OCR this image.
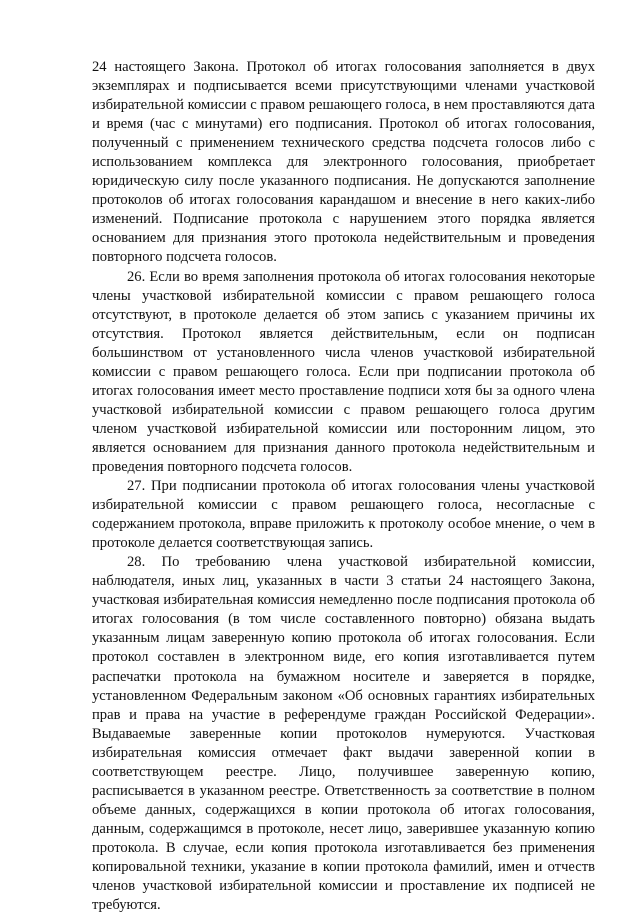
24 настоящего Закона. Протокол об итогах голосования заполняется в двух экземплярах и подписывается всеми присутствующими членами участковой избирательной комиссии с правом решающего голоса, в нем проставляются дата и время (час с минутами) его подписания. Протокол об итогах голосования, полученный с применением технического средства подсчета голосов либо с использованием комплекса для электронного голосования, приобретает юридическую силу после указанного подписания. Не допускаются заполнение протоколов об итогах голосования карандашом и внесение в него каких-либо изменений. Подписание протокола с нарушением этого порядка является основанием для признания этого протокола недействительным и проведения повторного подсчета голосов.

26. Если во время заполнения протокола об итогах голосования некоторые члены участковой избирательной комиссии с правом решающего голоса отсутствуют, в протоколе делается об этом запись с указанием причины их отсутствия. Протокол является действительным, если он подписан большинством от установленного числа членов участковой избирательной комиссии с правом решающего голоса. Если при подписании протокола об итогах голосования имеет место проставление подписи хотя бы за одного члена участковой избирательной комиссии с правом решающего голоса другим членом участковой избирательной комиссии или посторонним лицом, это является основанием для признания данного протокола недействительным и проведения повторного подсчета голосов.

27. При подписании протокола об итогах голосования члены участковой избирательной комиссии с правом решающего голоса, несогласные с содержанием протокола, вправе приложить к протоколу особое мнение, о чем в протоколе делается соответствующая запись.

28. По требованию члена участковой избирательной комиссии, наблюдателя, иных лиц, указанных в части 3 статьи 24 настоящего Закона, участковая избирательная комиссия немедленно после подписания протокола об итогах голосования (в том числе составленного повторно) обязана выдать указанным лицам заверенную копию протокола об итогах голосования. Если протокол составлен в электронном виде, его копия изготавливается путем распечатки протокола на бумажном носителе и заверяется в порядке, установленном Федеральным законом «Об основных гарантиях избирательных прав и права на участие в референдуме граждан Российской Федерации». Выдаваемые заверенные копии протоколов нумеруются. Участковая избирательная комиссия отмечает факт выдачи заверенной копии в соответствующем реестре. Лицо, получившее заверенную копию, расписывается в указанном реестре. Ответственность за соответствие в полном объеме данных, содержащихся в копии протокола об итогах голосования, данным, содержащимся в протоколе, несет лицо, заверившее указанную копию протокола. В случае, если копия протокола изготавливается без применения копировальной техники, указание в копии протокола фамилий, имен и отчеств членов участковой избирательной комиссии и проставление их подписей не требуются.
